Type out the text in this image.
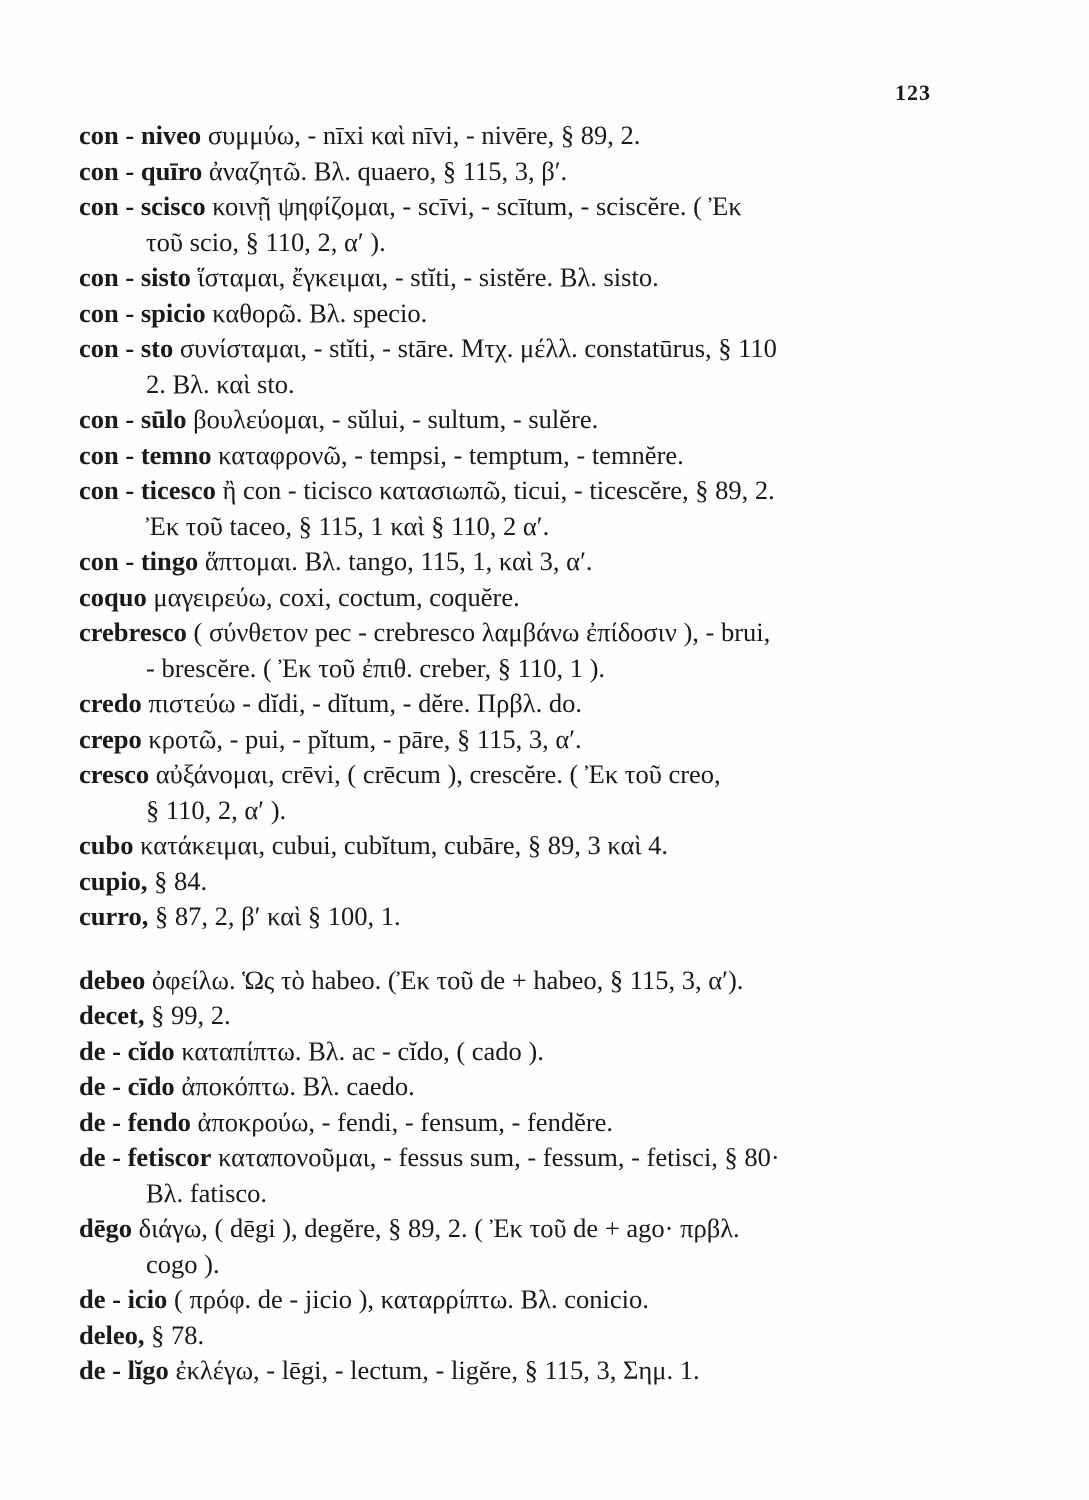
123
con - niveo συμμύω, - nīxi καὶ nīvi, - nivēre, § 89, 2.
con - quīro ἀναζητῶ. Βλ. quaero, § 115, 3, β′.
con - scisco κοινῇ ψηφίζομαι, - scīvi, - scītum, - sciscĕre. ( Ἐκ
τοῦ scio, § 110, 2, α′ ).
con - sisto ἵσταμαι, ἔγκειμαι, - stĭti, - sistĕre. Βλ. sisto.
con - spicio καθορῶ. Βλ. specio.
con - sto συνίσταμαι, - stĭti, - stāre. Μτχ. μέλλ. constatūrus, § 110
2. Βλ. καὶ sto.
con - sūlo βουλεύομαι, - sŭlui, - sultum, - sulĕre.
con - temno καταφρονῶ, - tempsi, - temptum, - temnĕre.
con - ticesco ἢ con - ticisco κατασιωπῶ, ticui, - ticescĕre, § 89, 2.
Ἐκ τοῦ taceo, § 115, 1 καὶ § 110, 2 α′.
con - tingo ἅπτομαι. Βλ. tango, 115, 1, καὶ 3, α′.
coquo μαγειρεύω, coxi, coctum, coquĕre.
crebresco ( σύνθετον pec - crebresco λαμβάνω ἐπίδοσιν ), - brui,
- brescĕre. ( Ἐκ τοῦ ἐπιθ. creber, § 110, 1 ).
credo πιστεύω - dĭdi, - dĭtum, - dĕre. Πρβλ. do.
crepo κροτῶ, - pui, - pĭtum, - pāre, § 115, 3, α′.
cresco αὐξάνομαι, crēvi, ( crēcum ), crescĕre. ( Ἐκ τοῦ creo,
§ 110, 2, α′ ).
cubo κατάκειμαι, cubui, cubĭtum, cubāre, § 89, 3 καὶ 4.
cupio, § 84.
curro, § 87, 2, β′ καὶ § 100, 1.
debeo ὀφείλω. Ὡς τὸ habeo. (Ἐκ τοῦ de + habeo, § 115, 3, α′).
decet, § 99, 2.
de - cĭdo καταπίπτω. Βλ. ac - cĭdo, ( cado ).
de - cīdo ἀποκόπτω. Βλ. caedo.
de - fendo ἀποκρούω, - fendi, - fensum, - fendĕre.
de - fetiscor καταπονοῦμαι, - fessus sum, - fessum, - fetisci, § 80·
Βλ. fatisco.
dēgo διάγω, ( dēgi ), degĕre, § 89, 2. ( Ἐκ τοῦ de + ago· πρβλ.
cogo ).
de - icio ( πρόφ. de - jicio ), καταρρίπτω. Βλ. conicio.
deleo, § 78.
de - lĭgo ἐκλέγω, - lēgi, - lectum, - ligĕre, § 115, 3, Σημ. 1.
